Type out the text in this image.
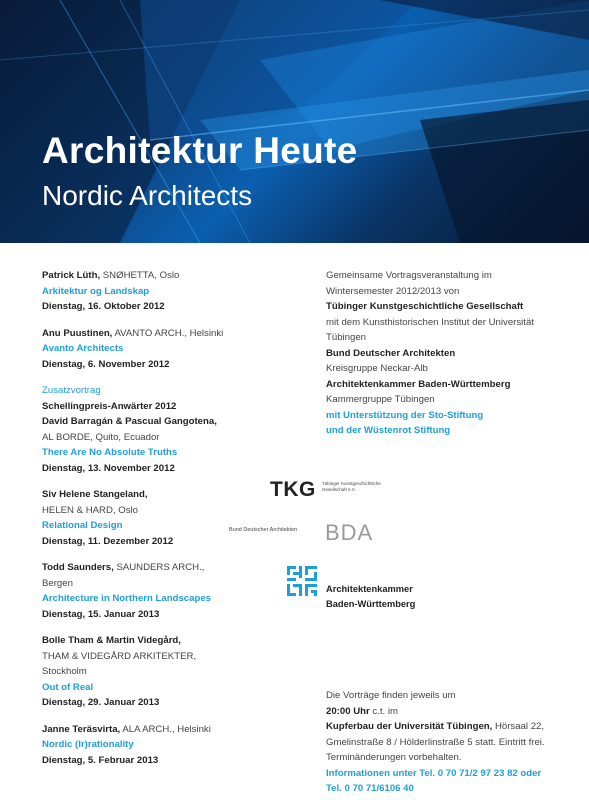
Architektur Heute
Nordic Architects
Patrick Lüth, SNØHETTA, Oslo
Arkitektur og Landskap
Dienstag, 16. Oktober 2012
Anu Puustinen, AVANTO ARCH., Helsinki
Avanto Architects
Dienstag, 6. November 2012
Zusatzvortrag
Schellingpreis-Anwärter 2012
David Barragán & Pascual Gangotena,
AL BORDE, Quito, Ecuador
There Are No Absolute Truths
Dienstag, 13. November 2012
Siv Helene Stangeland,
HELEN & HARD, Oslo
Relational Design
Dienstag, 11. Dezember 2012
Todd Saunders, SAUNDERS ARCH.,
Bergen
Architecture in Northern Landscapes
Dienstag, 15. Januar 2013
Bolle Tham & Martin Videgård,
THAM & VIDEGÅRD ARKITEKTER,
Stockholm
Out of Real
Dienstag, 29. Januar 2013
Janne Teräsvirta, ALA ARCH., Helsinki
Nordic (Ir)rationality
Dienstag, 5. Februar 2013
Gemeinsame Vortragsveranstaltung im
Wintersemester 2012/2013 von
Tübinger Kunstgeschichtliche Gesellschaft
mit dem Kunsthistorischen Institut der Universität
Tübingen
Bund Deutscher Architekten
Kreisgruppe Neckar-Alb
Architektenkammer Baden-Württemberg
Kammergruppe Tübingen
mit Unterstützung der Sto-Stiftung
und der Wüstenrot Stiftung
TKG Tübinger Kunstgeschichtliche Gesellschaft e.V.
Bund Deutscher Architekten BDA
Architektenkammer
Baden-Württemberg
Die Vorträge finden jeweils um
20:00 Uhr c.t. im
Kupferbau der Universität Tübingen, Hörsaal 22,
Gmelinstraße 8 / Hölderlinstraße 5 statt. Eintritt frei.
Terminänderungen vorbehalten.
Informationen unter Tel. 0 70 71/2 97 23 82 oder
Tel. 0 70 71/6106 40
